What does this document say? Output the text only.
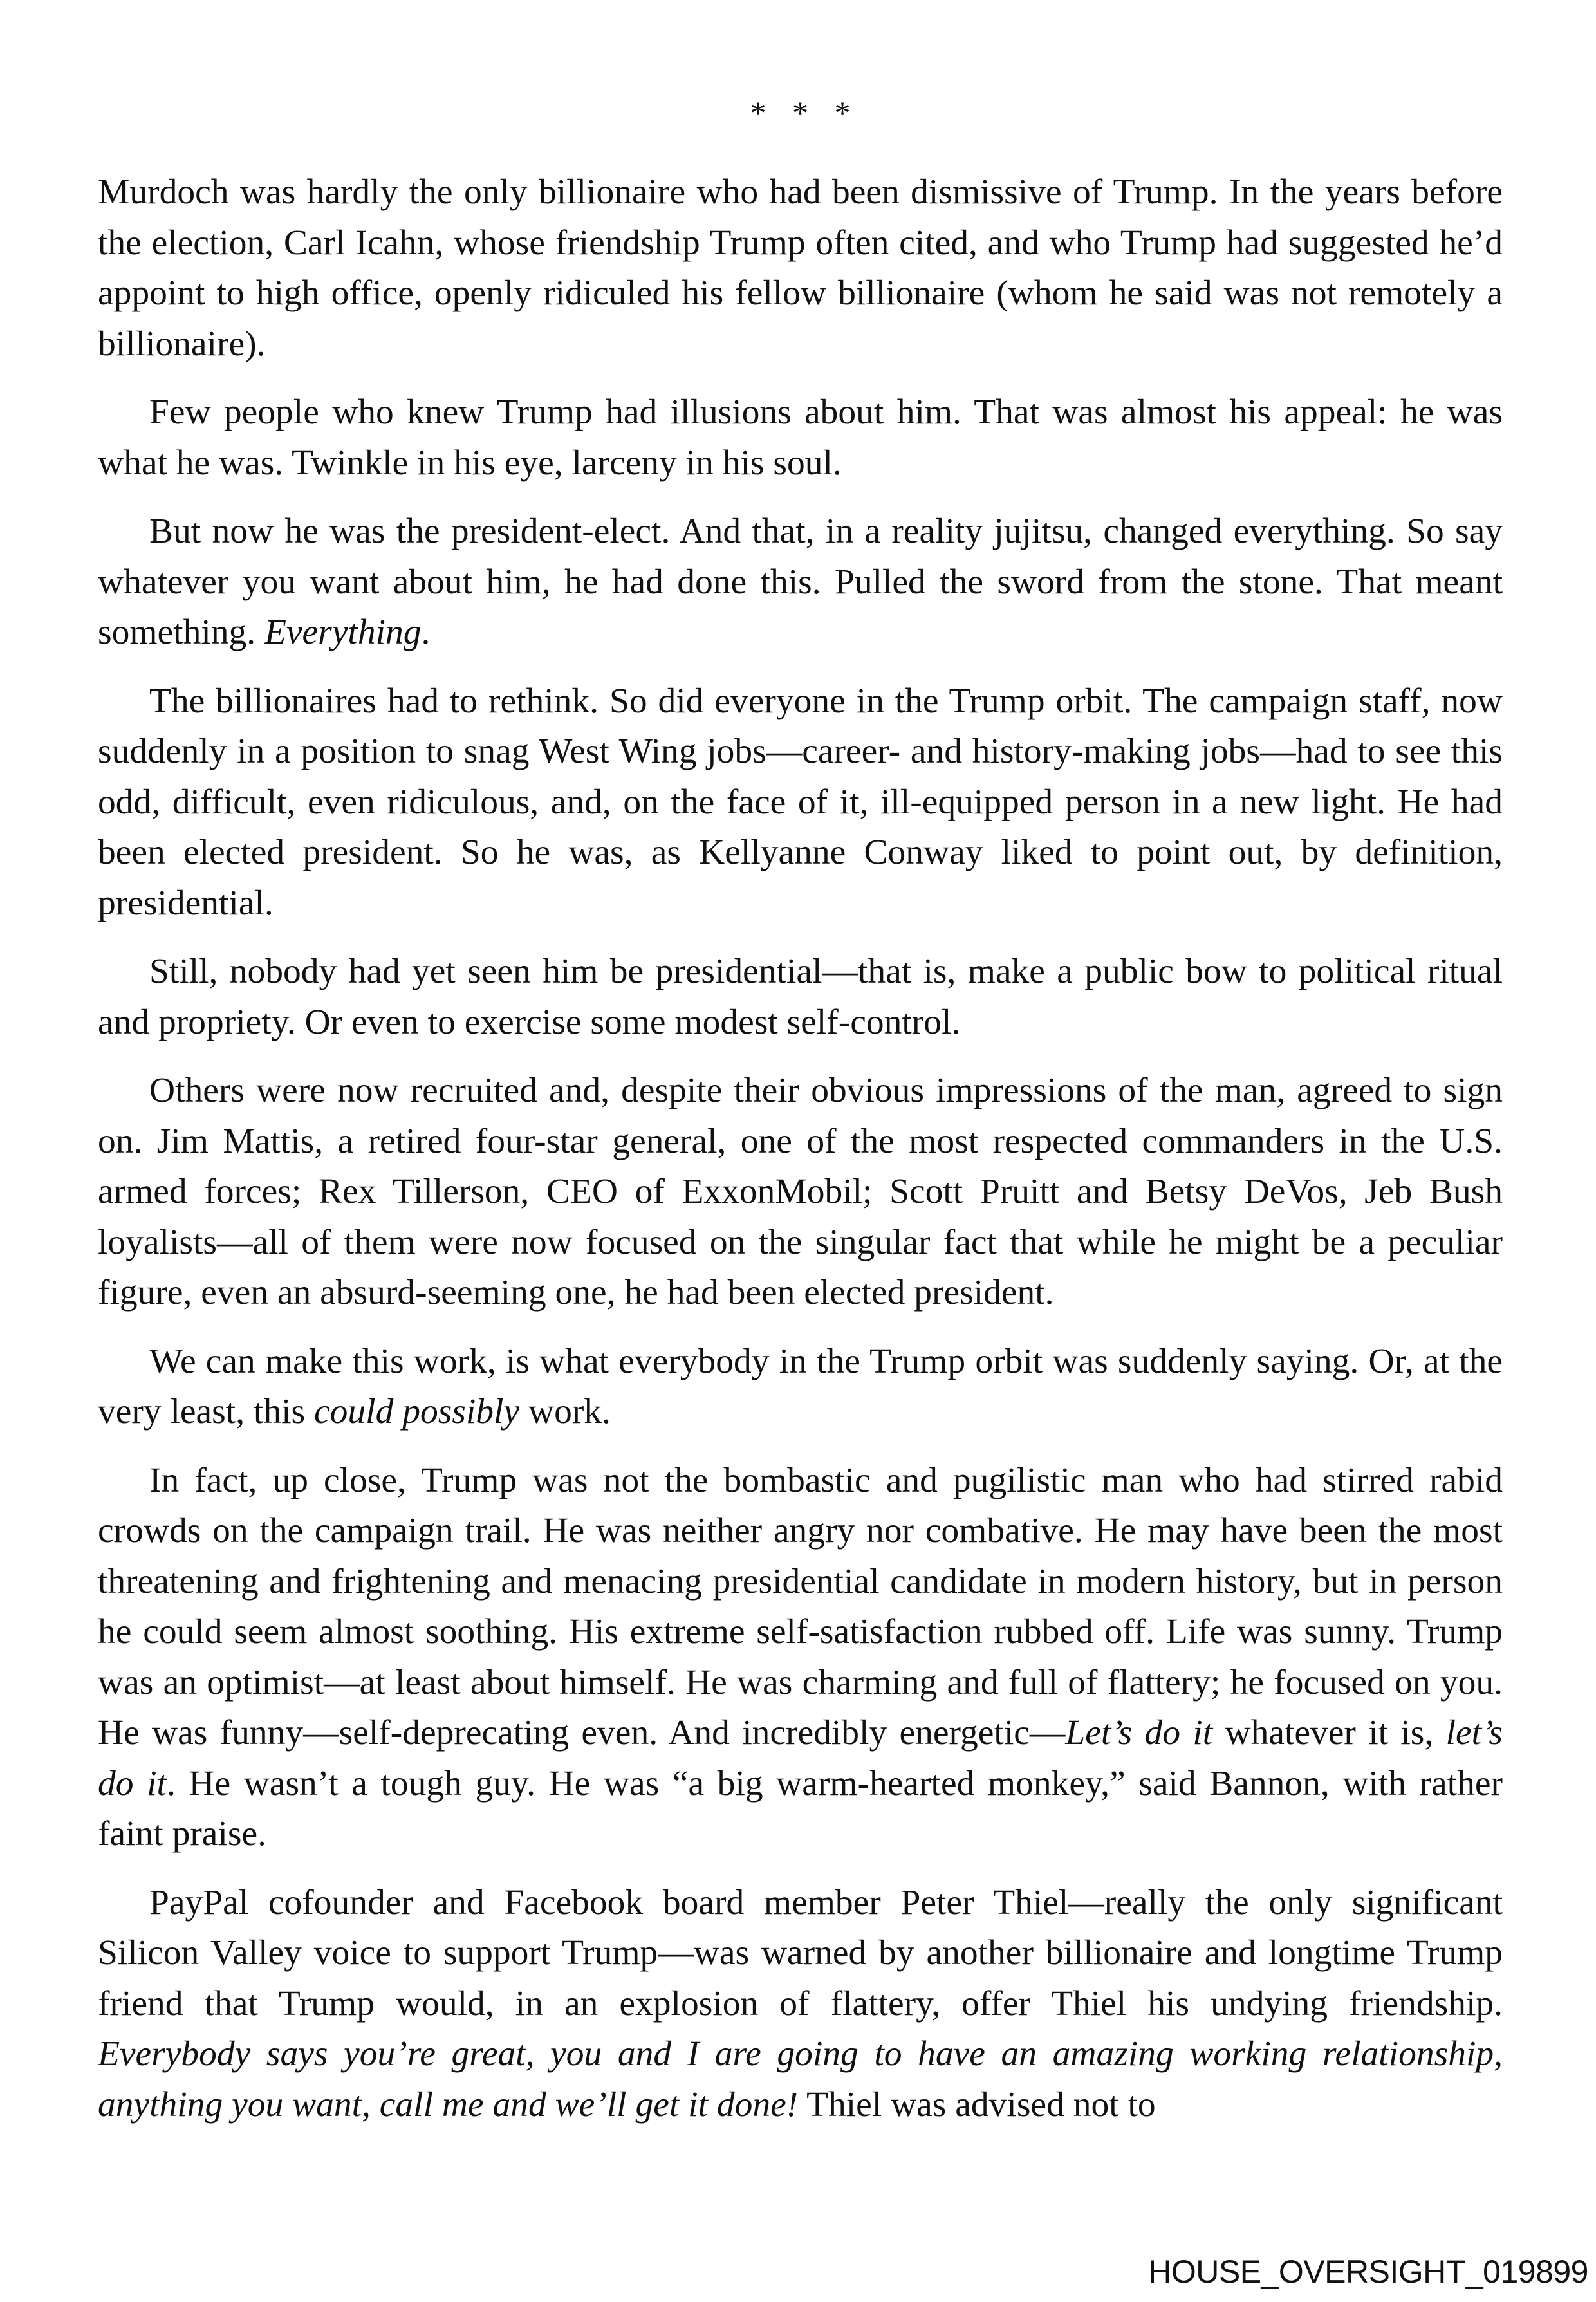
* * *

Murdoch was hardly the only billionaire who had been dismissive of Trump. In the years before the election, Carl Icahn, whose friendship Trump often cited, and who Trump had suggested he’d appoint to high office, openly ridiculed his fellow billionaire (whom he said was not remotely a billionaire).

Few people who knew Trump had illusions about him. That was almost his appeal: he was what he was. Twinkle in his eye, larceny in his soul.

But now he was the president-elect. And that, in a reality jujitsu, changed everything. So say whatever you want about him, he had done this. Pulled the sword from the stone. That meant something. Everything.

The billionaires had to rethink. So did everyone in the Trump orbit. The campaign staff, now suddenly in a position to snag West Wing jobs—career- and history-making jobs—had to see this odd, difficult, even ridiculous, and, on the face of it, ill-equipped person in a new light. He had been elected president. So he was, as Kellyanne Conway liked to point out, by definition, presidential.

Still, nobody had yet seen him be presidential—that is, make a public bow to political ritual and propriety. Or even to exercise some modest self-control.

Others were now recruited and, despite their obvious impressions of the man, agreed to sign on. Jim Mattis, a retired four-star general, one of the most respected commanders in the U.S. armed forces; Rex Tillerson, CEO of ExxonMobil; Scott Pruitt and Betsy DeVos, Jeb Bush loyalists—all of them were now focused on the singular fact that while he might be a peculiar figure, even an absurd-seeming one, he had been elected president.

We can make this work, is what everybody in the Trump orbit was suddenly saying. Or, at the very least, this could possibly work.

In fact, up close, Trump was not the bombastic and pugilistic man who had stirred rabid crowds on the campaign trail. He was neither angry nor combative. He may have been the most threatening and frightening and menacing presidential candidate in modern history, but in person he could seem almost soothing. His extreme self-satisfaction rubbed off. Life was sunny. Trump was an optimist—at least about himself. He was charming and full of flattery; he focused on you. He was funny—self-deprecating even. And incredibly energetic—Let’s do it whatever it is, let’s do it. He wasn’t a tough guy. He was “a big warm-hearted monkey,” said Bannon, with rather faint praise.

PayPal cofounder and Facebook board member Peter Thiel—really the only significant Silicon Valley voice to support Trump—was warned by another billionaire and longtime Trump friend that Trump would, in an explosion of flattery, offer Thiel his undying friendship. Everybody says you’re great, you and I are going to have an amazing working relationship, anything you want, call me and we’ll get it done! Thiel was advised not to

HOUSE_OVERSIGHT_019899
